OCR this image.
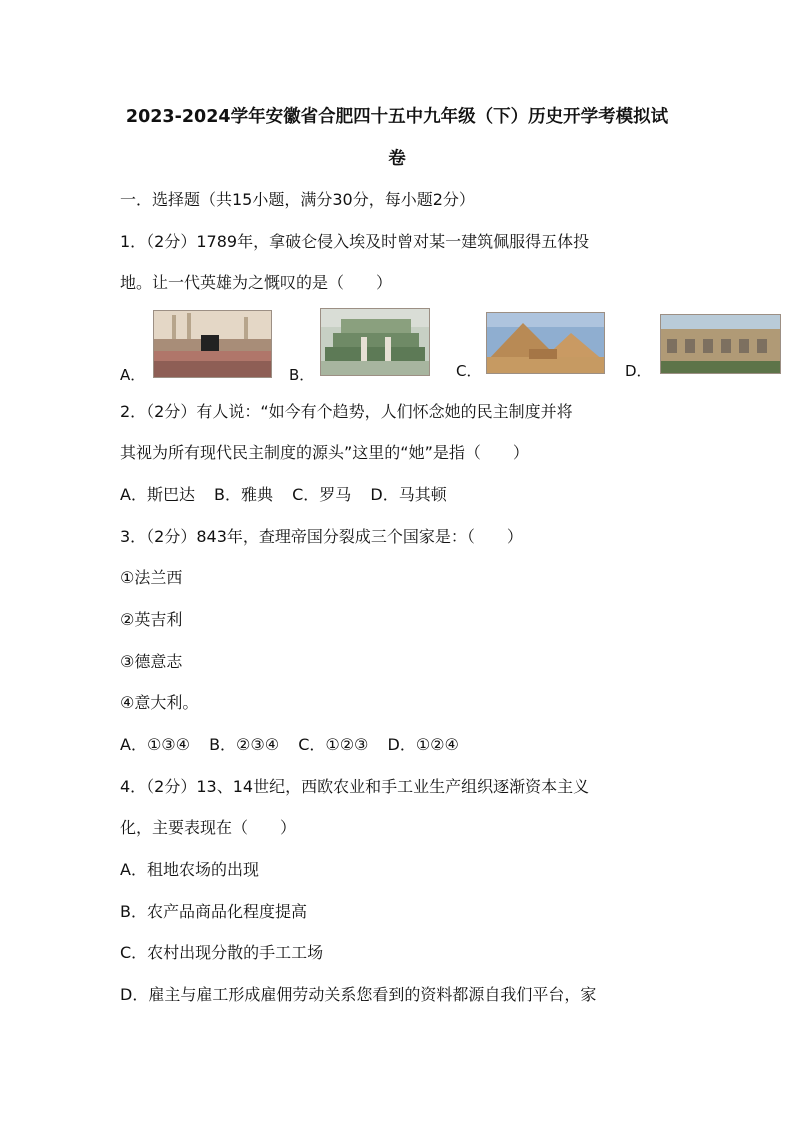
2023-2024学年安徽省合肥四十五中九年级（下）历史开学考模拟试
卷
一．选择题（共15小题，满分30分，每小题2分）
1．（2分）1789年，拿破仑侵入埃及时曾对某一建筑佩服得五体投
地。让一代英雄为之慨叹的是（　　）
A．	B．	C．	D．
2．（2分）有人说：“如今有个趋势，人们怀念她的民主制度并将
其视为所有现代民主制度的源头”这里的“她”是指（　　）
A．斯巴达 B．雅典 C．罗马 D．马其顿
3．（2分）843年，查理帝国分裂成三个国家是：（　　）
①法兰西
②英吉利
③德意志
④意大利。
A．①③④ B．②③④ C．①②③ D．①②④
4．（2分）13、14世纪，西欧农业和手工业生产组织逐渐资本主义
化，主要表现在（　　）
A．租地农场的出现
B．农产品商品化程度提高
C．农村出现分散的手工工场
D．雇主与雇工形成雇佣劳动关系您看到的资料都源自我们平台，家
